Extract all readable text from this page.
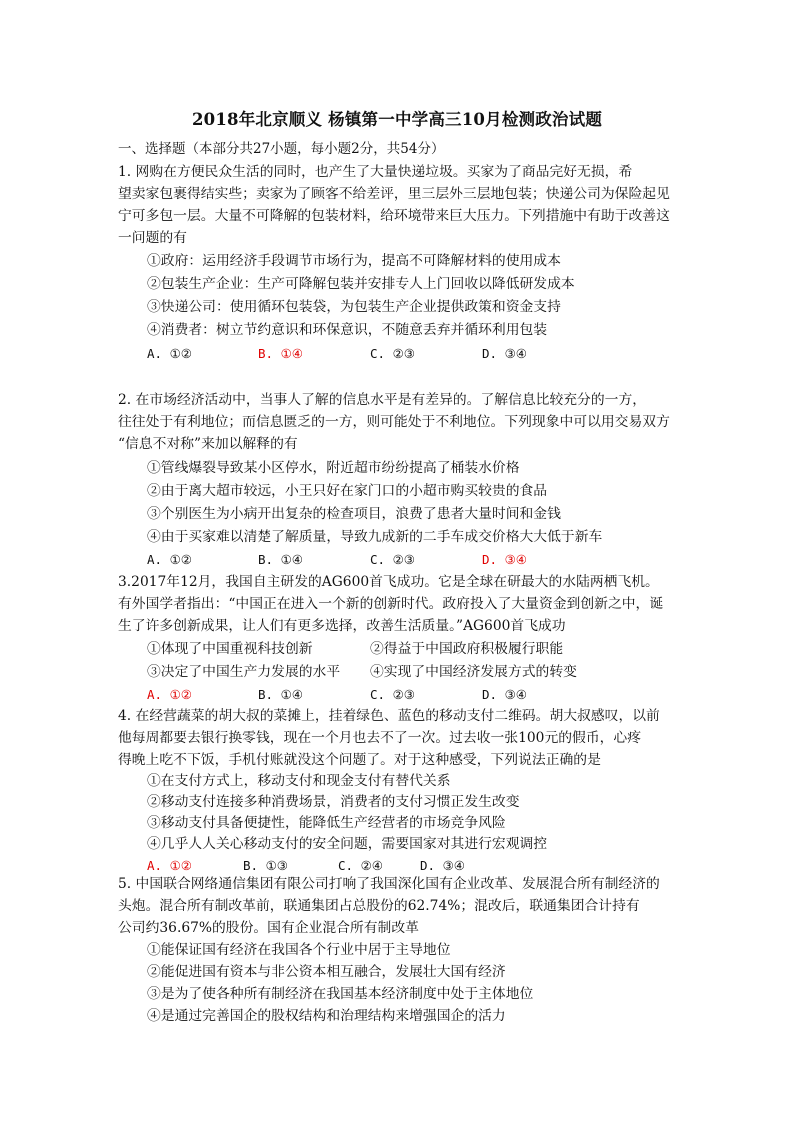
2018年北京顺义 杨镇第一中学高三10月检测政治试题
一、选择题（本部分共27小题，每小题2分，共54分）
1. 网购在方便民众生活的同时，也产生了大量快递垃圾。买家为了商品完好无损，希
望卖家包裹得结实些；卖家为了顾客不给差评，里三层外三层地包装；快递公司为保险起见
宁可多包一层。大量不可降解的包装材料，给环境带来巨大压力。下列措施中有助于改善这
一问题的有
①政府：运用经济手段调节市场行为，提高不可降解材料的使用成本
②包装生产企业：生产可降解包装并安排专人上门回收以降低研发成本
③快递公司：使用循环包装袋，为包装生产企业提供政策和资金支持
④消费者：树立节约意识和环保意识，不随意丢弃并循环利用包装
A. ①②	B. ①④	C. ②③	D. ③④
2. 在市场经济活动中，当事人了解的信息水平是有差异的。了解信息比较充分的一方，
往往处于有利地位；而信息匮乏的一方，则可能处于不利地位。下列现象中可以用交易双方
“信息不对称”来加以解释的有
①管线爆裂导致某小区停水，附近超市纷纷提高了桶装水价格
②由于离大超市较远，小王只好在家门口的小超市购买较贵的食品
③个别医生为小病开出复杂的检查项目，浪费了患者大量时间和金钱
④由于买家难以清楚了解质量，导致九成新的二手车成交价格大大低于新车
A. ①②	B. ①④	C. ②③	D. ③④
3.2017年12月，我国自主研发的AG600首飞成功。它是全球在研最大的水陆两栖飞机。
有外国学者指出：“中国正在进入一个新的创新时代。政府投入了大量资金到创新之中，诞
生了许多创新成果，让人们有更多选择，改善生活质量。”AG600首飞成功
①体现了中国重视科技创新	②得益于中国政府积极履行职能
③决定了中国生产力发展的水平 ④实现了中国经济发展方式的转变
A. ①②	B. ①④	C. ②③	D. ③④
4. 在经营蔬菜的胡大叔的菜摊上，挂着绿色、蓝色的移动支付二维码。胡大叔感叹，以前
他每周都要去银行换零钱，现在一个月也去不了一次。过去收一张100元的假币，心疼
得晚上吃不下饭，手机付账就没这个问题了。对于这种感受，下列说法正确的是
①在支付方式上，移动支付和现金支付有替代关系
②移动支付连接多种消费场景，消费者的支付习惯正发生改变
③移动支付具备便捷性，能降低生产经营者的市场竞争风险
④几乎人人关心移动支付的安全问题，需要国家对其进行宏观调控
A. ①②	B. ①③	C. ②④	D. ③④
5. 中国联合网络通信集团有限公司打响了我国深化国有企业改革、发展混合所有制经济的
头炮。混合所有制改革前，联通集团占总股份的62.74%；混改后，联通集团合计持有
公司约36.67%的股份。国有企业混合所有制改革
①能保证国有经济在我国各个行业中居于主导地位
②能促进国有资本与非公资本相互融合，发展壮大国有经济
③是为了使各种所有制经济在我国基本经济制度中处于主体地位
④是通过完善国企的股权结构和治理结构来增强国企的活力
